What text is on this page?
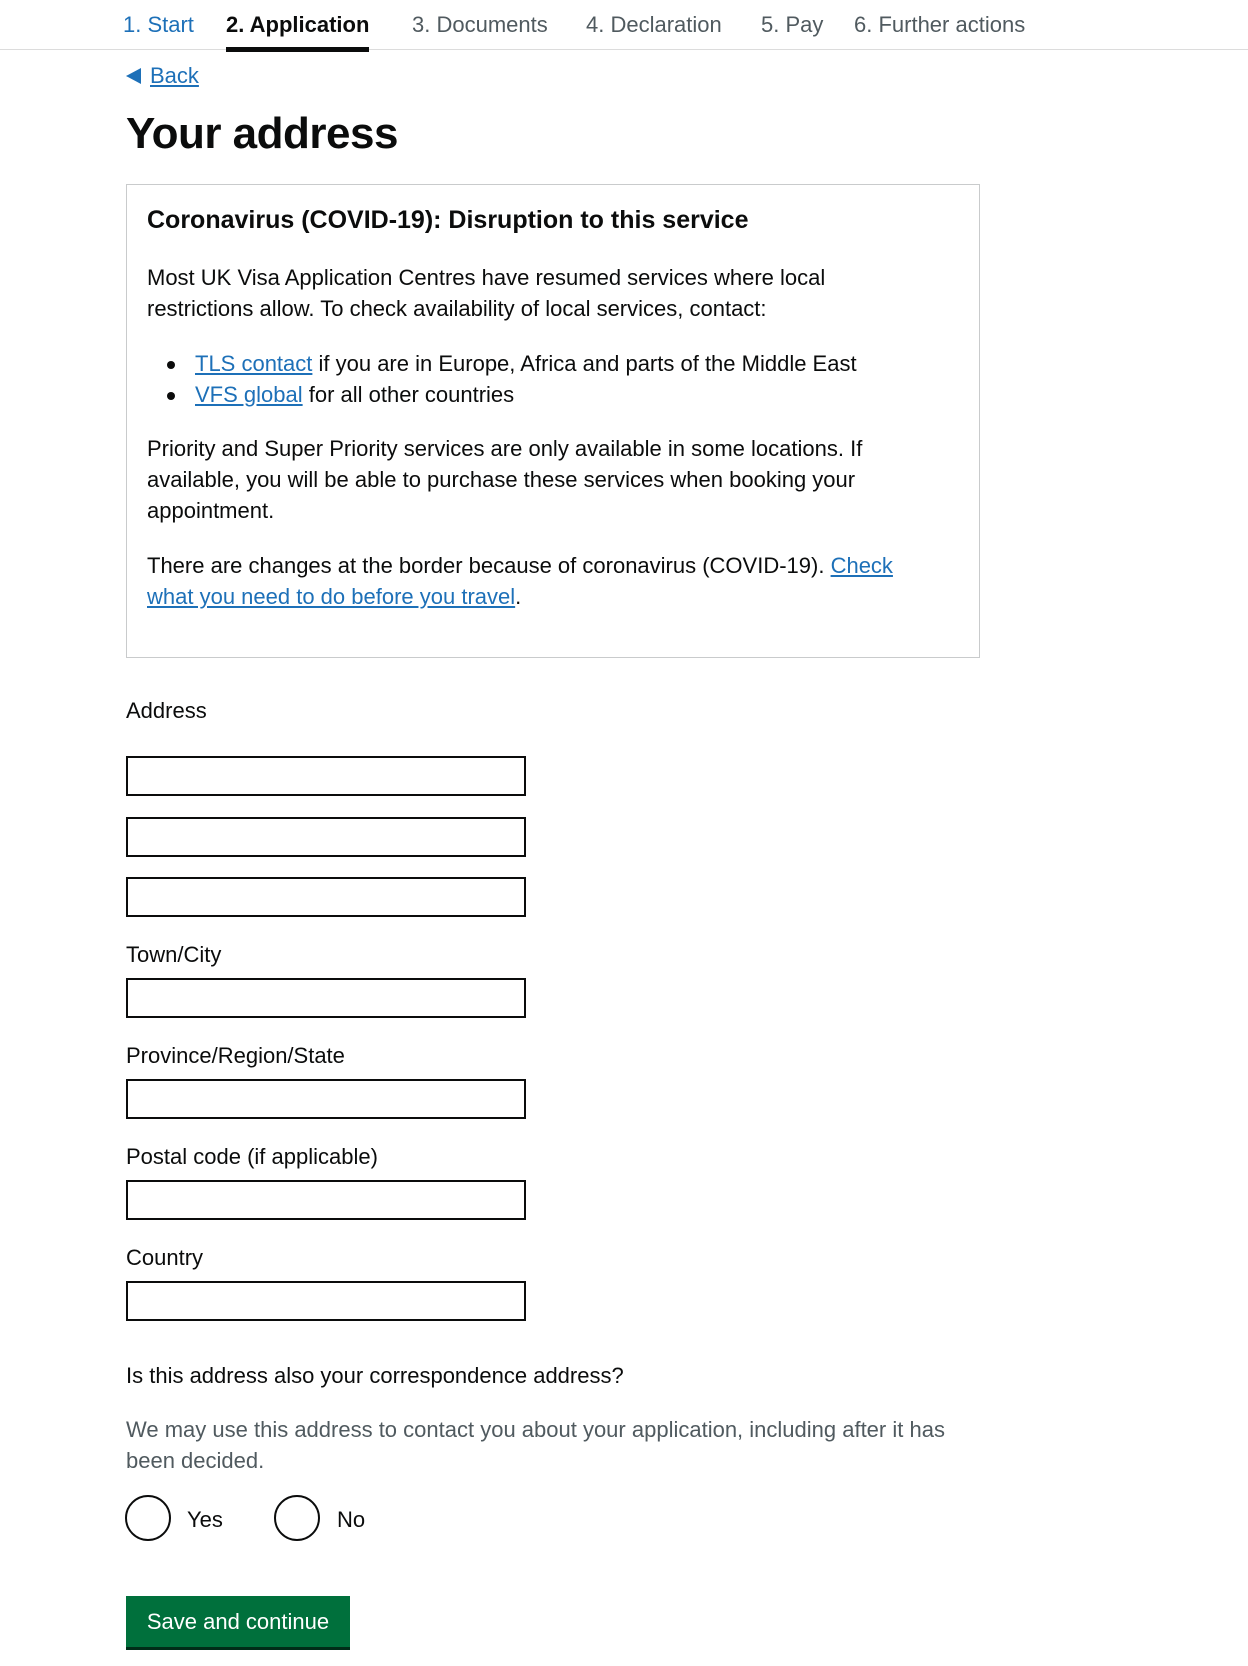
1. Start 2. Application 3. Documents 4. Declaration 5. Pay 6. Further actions
Back
Your address
Coronavirus (COVID-19): Disruption to this service

Most UK Visa Application Centres have resumed services where local
restrictions allow. To check availability of local services, contact:

TLS contact if you are in Europe, Africa and parts of the Middle East
VFS global for all other countries

Priority and Super Priority services are only available in some locations. If
available, you will be able to purchase these services when booking your
appointment.

There are changes at the border because of coronavirus (COVID-19). Check
what you need to do before you travel.

Address
Town/City
Province/Region/State
Postal code (if applicable)
Country
Is this address also your correspondence address?
We may use this address to contact you about your application, including after it has
been decided.
Yes	No
Save and continue
